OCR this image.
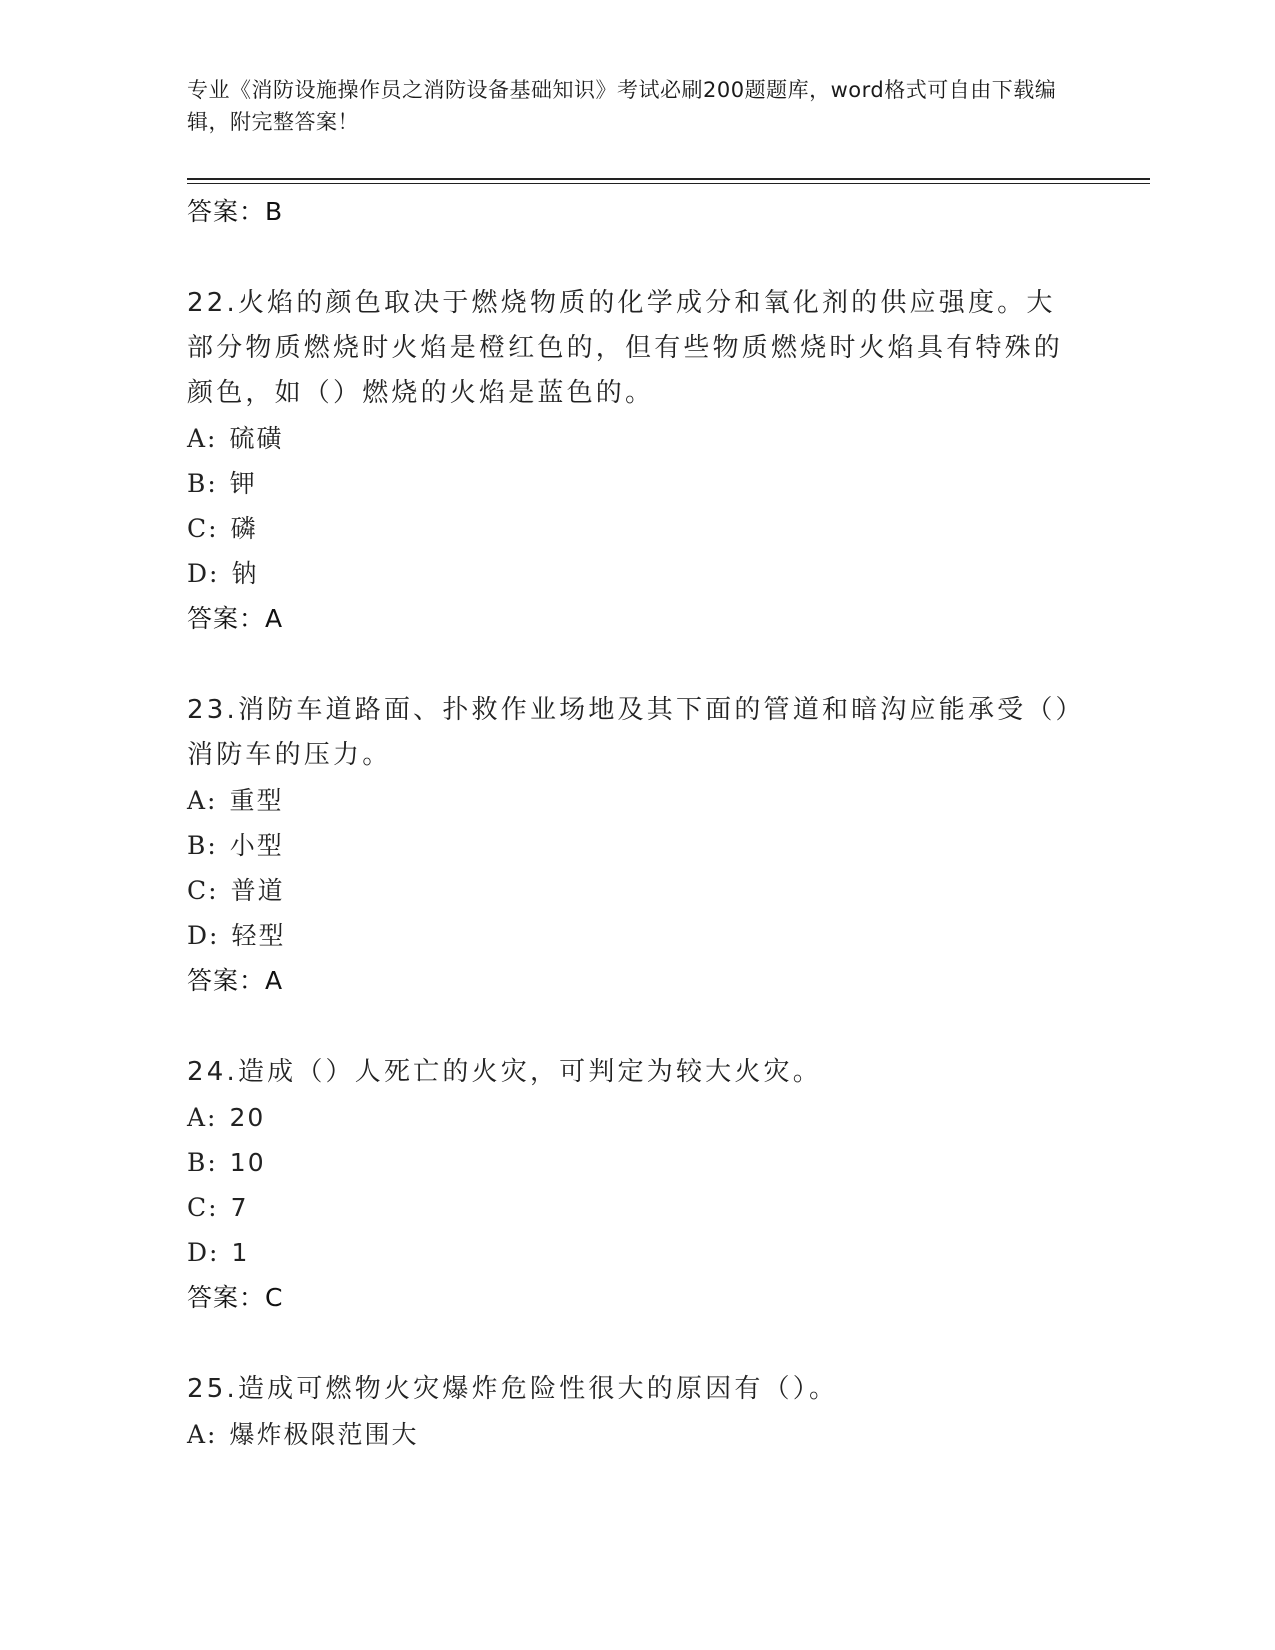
专业《消防设施操作员之消防设备基础知识》考试必刷200题题库，word格式可自由下载编辑，附完整答案！
答案：B
22.火焰的颜色取决于燃烧物质的化学成分和氧化剂的供应强度。大部分物质燃烧时火焰是橙红色的，但有些物质燃烧时火焰具有特殊的颜色，如（）燃烧的火焰是蓝色的。
A: 硫磺
B: 钾
C: 磷
D: 钠
答案：A
23.消防车道路面、扑救作业场地及其下面的管道和暗沟应能承受（）消防车的压力。
A: 重型
B: 小型
C: 普道
D: 轻型
答案：A
24.造成（）人死亡的火灾，可判定为较大火灾。
A: 20
B: 10
C: 7
D: 1
答案：C
25.造成可燃物火灾爆炸危险性很大的原因有（）。
A: 爆炸极限范围大
